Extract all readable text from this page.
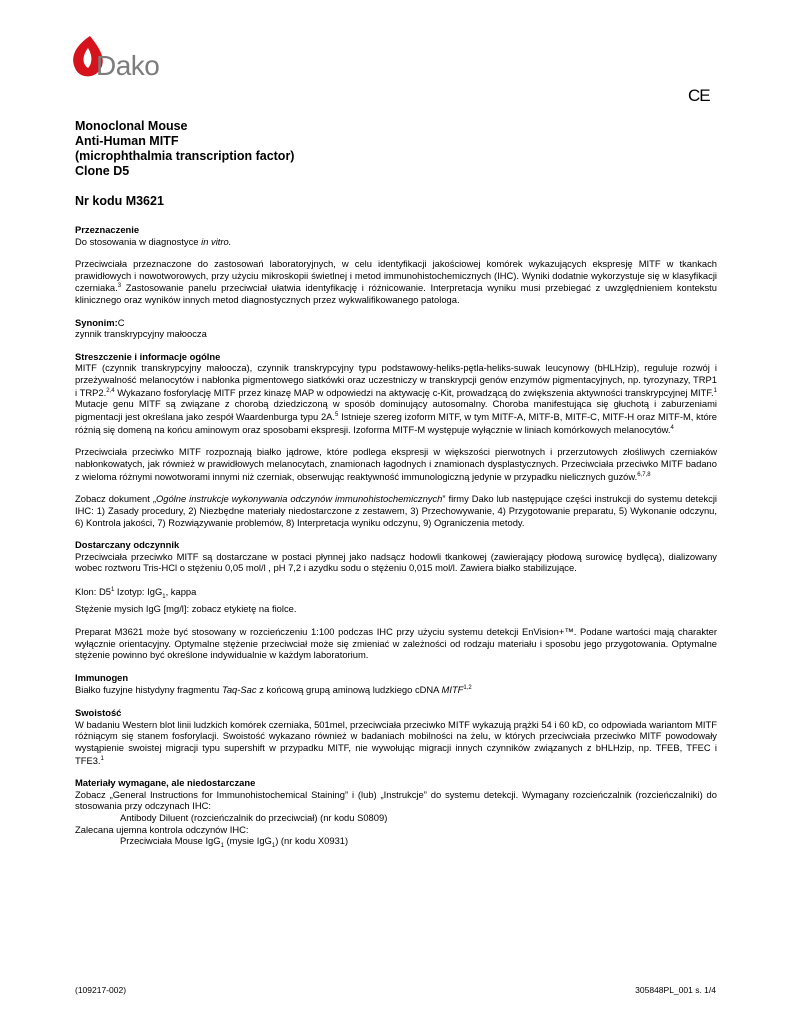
Dako
CE
Monoclonal Mouse
Anti-Human MITF
(microphthalmia transcription factor)
Clone D5
Nr kodu M3621
Przeznaczenie

Do stosowania w diagnostyce in vitro.

Przeciwciała przeznaczone do zastosowań laboratoryjnych, w celu identyfikacji jakościowej komórek wykazujących ekspresję MITF w tkankach prawidłowych i nowotworowych, przy użyciu mikroskopii świetlnej i metod immunohistochemicznych (IHC). Wyniki dodatnie wykorzystuje się w klasyfikacji czerniaka.$^3$ Zastosowanie panelu przeciwciał ułatwia identyfikację i różnicowanie. Interpretacja wyniku musi przebiegać z uwzględnieniem kontekstu klinicznego oraz wyników innych metod diagnostycznych przez wykwalifikowanego patologa.

Synonim:C

zynnik transkrypcyjny małoocza

Streszczenie i informacje ogólne

MITF (czynnik transkrypcyjny małoocza), czynnik transkrypcyjny typu podstawowy-heliks-pętla-heliks-suwak leucynowy (bHLHzip), reguluje rozwój i przeżywalność melanocytów i nabłonka pigmentowego siatkówki oraz uczestniczy w transkrypcji genów enzymów pigmentacyjnych, np. tyrozynazy, TRP1 i TRP2.$^{2,4}$ Wykazano fosforylację MITF przez kinazę MAP w odpowiedzi na aktywację c-Kit, prowadzącą do zwiększenia aktywności transkrypcyjnej MITF.$^1$ Mutacje genu MITF są związane z chorobą dziedziczoną w sposób dominujący autosomalny. Choroba manifestująca się głuchotą i zaburzeniami pigmentacji jest określana jako zespół Waardenburga typu 2A.$^5$ Istnieje szereg izoform MITF, w tym MITF-A, MITF-B, MITF-C, MITF-H oraz MITF-M, które różnią się domeną na końcu aminowym oraz sposobami ekspresji. Izoforma MITF-M występuje wyłącznie w liniach komórkowych melanocytów.$^4$

Przeciwciała przeciwko MITF rozpoznają białko jądrowe, które podlega ekspresji w większości pierwotnych i przerzutowych złośliwych czerniaków nabłonkowatych, jak również w prawidłowych melanocytach, znamionach łagodnych i znamionach dysplastycznych. Przeciwciała przeciwko MITF badano z wieloma różnymi nowotworami innymi niż czerniak, obserwując reaktywność immunologiczną jedynie w przypadku nielicznych guzów.$^{6,7,8}$

Zobacz dokument „Ogólne instrukcje wykonywania odczynów immunohistochemicznych” firmy Dako lub następujące części instrukcji do systemu detekcji IHC: 1) Zasady procedury, 2) Niezbędne materiały niedostarczone z zestawem, 3) Przechowywanie, 4) Przygotowanie preparatu, 5) Wykonanie odczynu, 6) Kontrola jakości, 7) Rozwiązywanie problemów, 8) Interpretacja wyniku odczynu, 9) Ograniczenia metody.

Dostarczany odczynnik

Przeciwciała przeciwko MITF są dostarczane w postaci płynnej jako nadsącz hodowli tkankowej (zawierający płodową surowicę bydlęcą), dializowany wobec roztworu Tris-HCl o stężeniu 0,05 mol/l , pH 7,2 i azydku sodu o stężeniu 0,015 mol/l. Zawiera białko stabilizujące.

Klon: $D5^1$ Izotyp: IgG$_1$, kappa

Stężenie mysich IgG [mg/l]: zobacz etykietę na fiolce.

Preparat M3621 może być stosowany w rozcieńczeniu 1:100 podczas IHC przy użyciu systemu detekcji EnVision+™. Podane wartości mają charakter wyłącznie orientacyjny. Optymalne stężenie przeciwciał może się zmieniać w zależności od rodzaju materiału i sposobu jego przygotowania. Optymalne stężenie powinno być określone indywidualnie w każdym laboratorium.

Immunogen

Białko fuzyjne histydyny fragmentu Taq-Sac z końcową grupą aminową ludzkiego cDNA MITF$^{1,2}$

Swoistość

W badaniu Western blot linii ludzkich komórek czerniaka, 501mel, przeciwciała przeciwko MITF wykazują prążki 54 i 60 kD, co odpowiada wariantom MITF różniącym się stanem fosforylacji. Swoistość wykazano również w badaniach mobilności na żelu, w których przeciwciała przeciwko MITF powodowały wystąpienie swoistej migracji typu supershift w przypadku MITF, nie wywołując migracji innych czynników związanych z bHLHzip, np. TFEB, TFEC i TFE3.$^1$

Materiały wymagane, ale niedostarczane

Zobacz „General Instructions for Immunohistochemical Staining” i (lub) „Instrukcje” do systemu detekcji. Wymagany rozcieńczalnik (rozcieńczalniki) do stosowania przy odczynach IHC:

Antibody Diluent (rozcieńczalnik do przeciwciał) (nr kodu S0809)

Zalecana ujemna kontrola odczynów IHC:

Przeciwciała Mouse IgG$_1$ (mysie IgG$_1$) (nr kodu X0931)

(109217-002)	305848PL_001 s. 1/4
